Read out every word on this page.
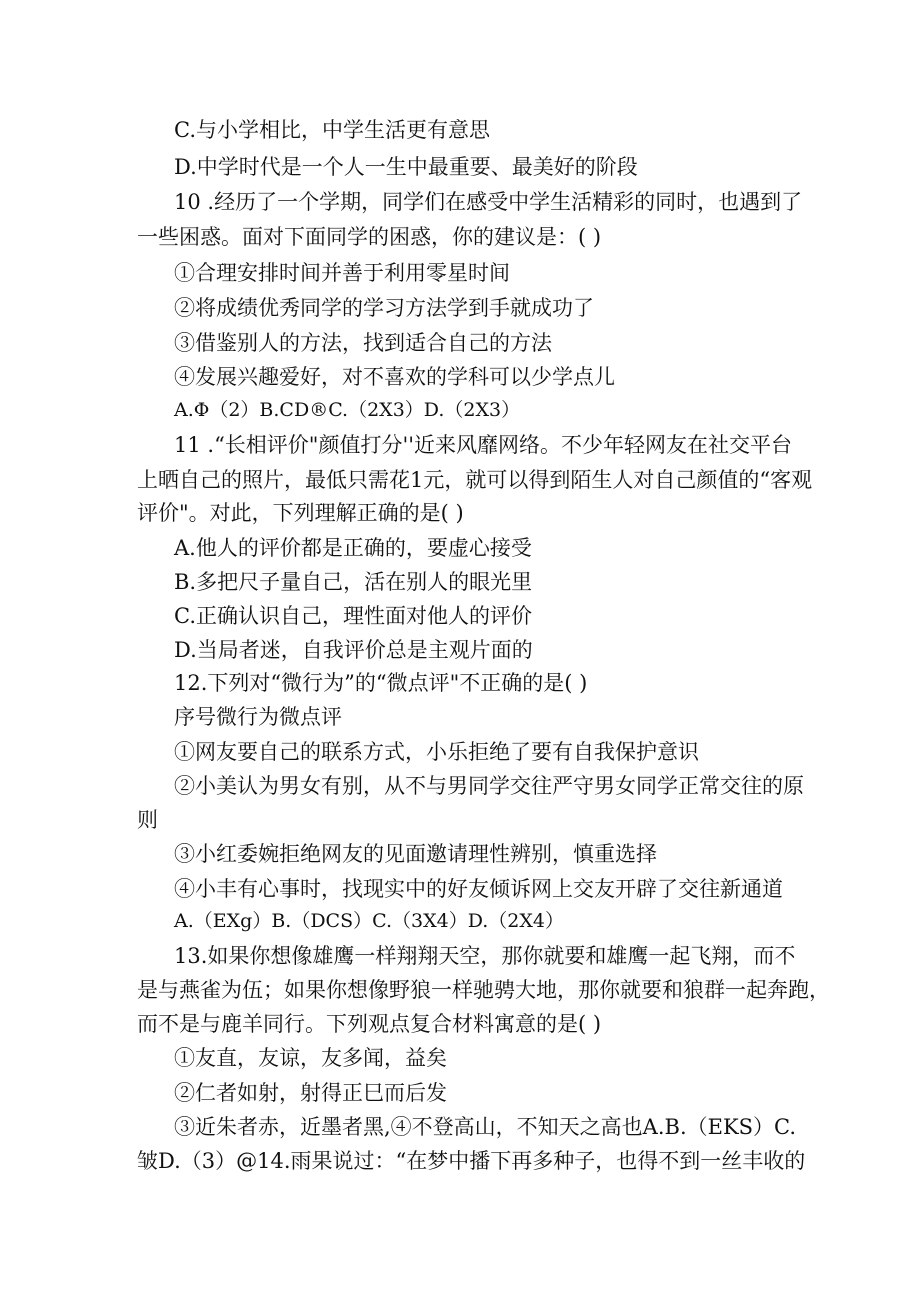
C.与小学相比，中学生活更有意思
D.中学时代是一个人一生中最重要、最美好的阶段
10 .经历了一个学期，同学们在感受中学生活精彩的同时，也遇到了
一些困惑。面对下面同学的困惑，你的建议是：( )
①合理安排时间并善于利用零星时间
②将成绩优秀同学的学习方法学到手就成功了
③借鉴别人的方法，找到适合自己的方法
④发展兴趣爱好，对不喜欢的学科可以少学点儿
A.Φ（2）B.CD®C.（2X3）D.（2X3）
11 .“长相评价"颜值打分''近来风靡网络。不少年轻网友在社交平台
上晒自己的照片，最低只需花1元，就可以得到陌生人对自己颜值的“客观
评价"。对此，下列理解正确的是( )
A.他人的评价都是正确的，要虚心接受
B.多把尺子量自己，活在别人的眼光里
C.正确认识自己，理性面对他人的评价
D.当局者迷，自我评价总是主观片面的
12.下列对“微行为”的“微点评"不正确的是( )
序号微行为微点评
①网友要自己的联系方式，小乐拒绝了要有自我保护意识
②小美认为男女有别，从不与男同学交往严守男女同学正常交往的原
则
③小红委婉拒绝网友的见面邀请理性辨别，慎重选择
④小丰有心事时，找现实中的好友倾诉网上交友开辟了交往新通道
A.（EXg）B.（DCS）C.（3X4）D.（2X4）
13.如果你想像雄鹰一样翔翔天空，那你就要和雄鹰一起飞翔，而不
是与燕雀为伍；如果你想像野狼一样驰骋大地，那你就要和狼群一起奔跑，
而不是与鹿羊同行。下列观点复合材料寓意的是( )
①友直，友谅，友多闻，益矣
②仁者如射，射得正巳而后发
③近朱者赤，近墨者黑,④不登高山，不知天之高也A.B.（EKS）C.
皱D.（3）@14.雨果说过：“在梦中播下再多种子，也得不到一丝丰收的
